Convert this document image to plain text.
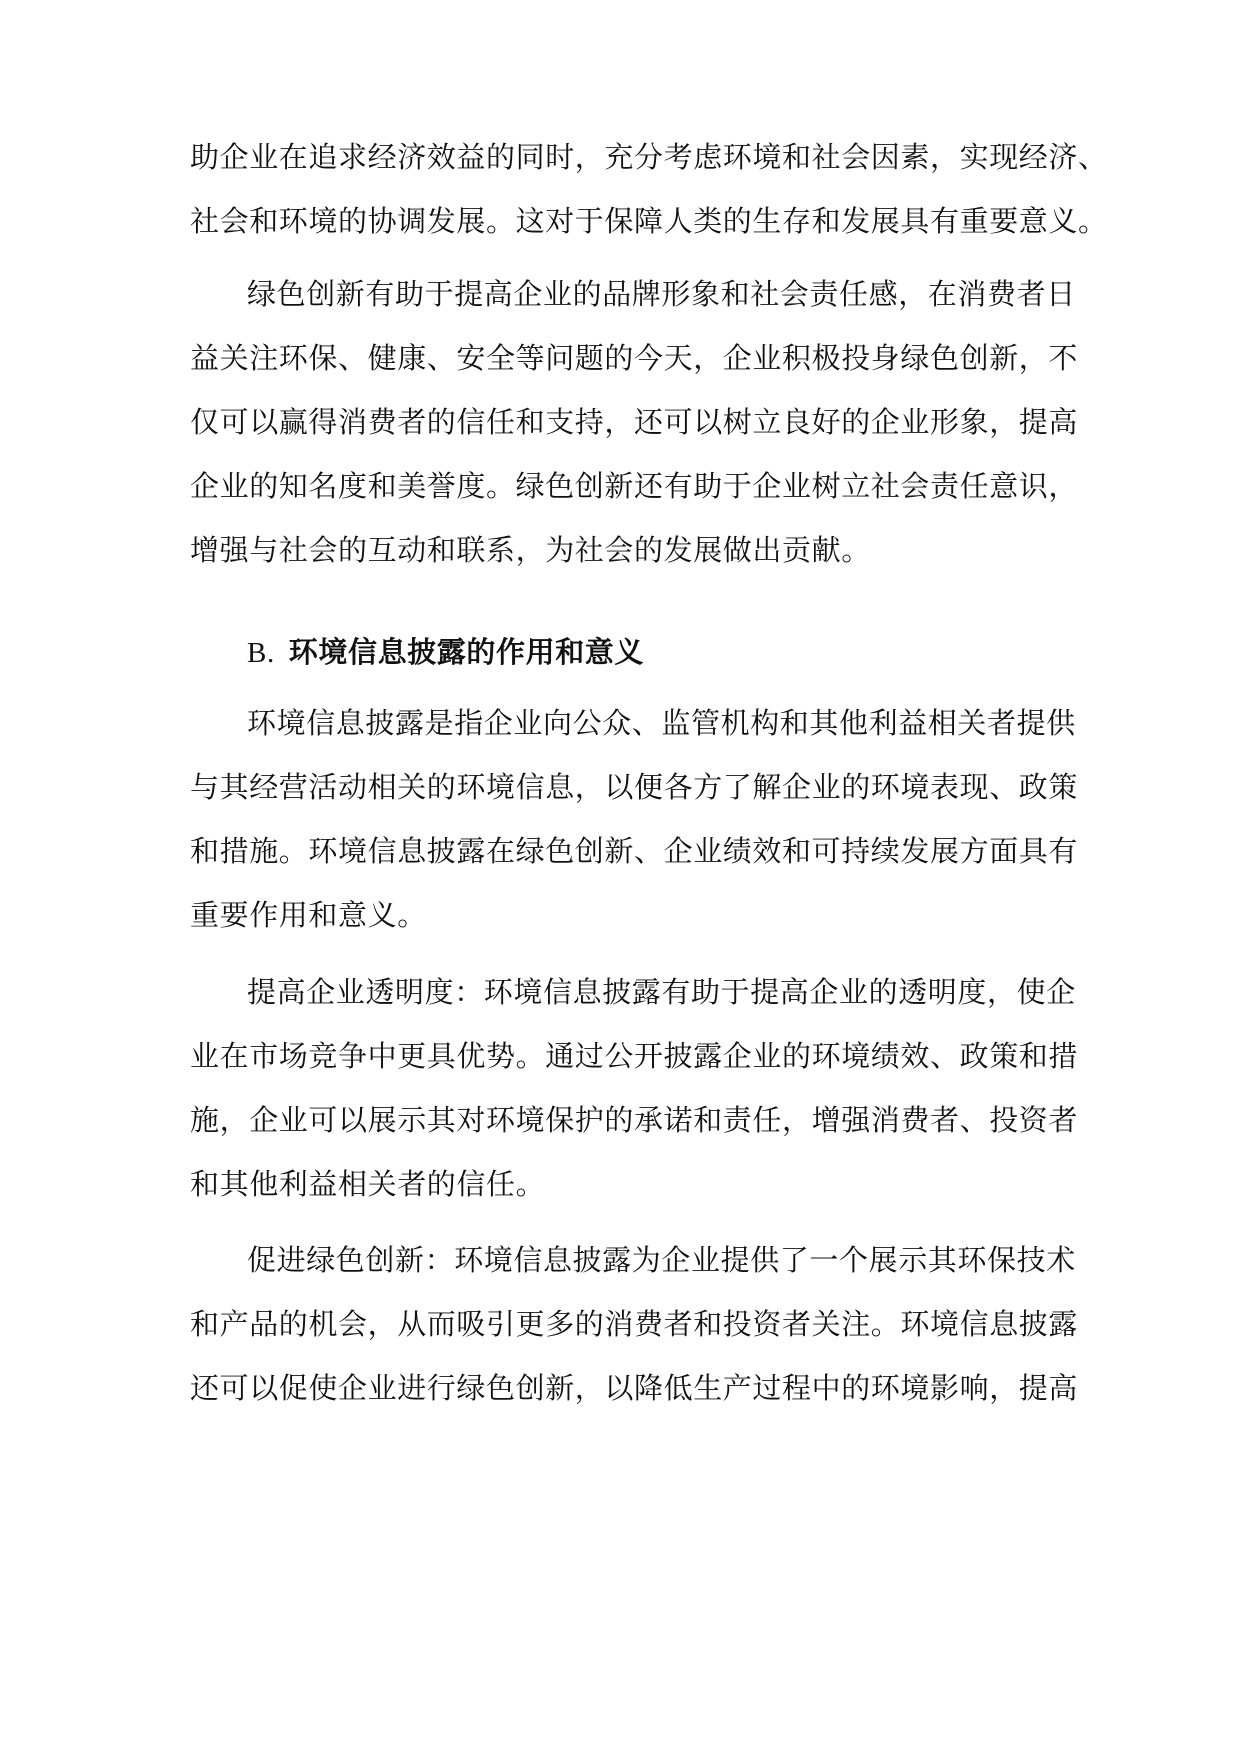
助企业在追求经济效益的同时，充分考虑环境和社会因素，实现经济、
社会和环境的协调发展。这对于保障人类的生存和发展具有重要意义。
绿色创新有助于提高企业的品牌形象和社会责任感，在消费者日
益关注环保、健康、安全等问题的今天，企业积极投身绿色创新，不
仅可以赢得消费者的信任和支持，还可以树立良好的企业形象，提高
企业的知名度和美誉度。绿色创新还有助于企业树立社会责任意识，
增强与社会的互动和联系，为社会的发展做出贡献。
B. 环境信息披露的作用和意义
环境信息披露是指企业向公众、监管机构和其他利益相关者提供
与其经营活动相关的环境信息，以便各方了解企业的环境表现、政策
和措施。环境信息披露在绿色创新、企业绩效和可持续发展方面具有
重要作用和意义。
提高企业透明度：环境信息披露有助于提高企业的透明度，使企
业在市场竞争中更具优势。通过公开披露企业的环境绩效、政策和措
施，企业可以展示其对环境保护的承诺和责任，增强消费者、投资者
和其他利益相关者的信任。
促进绿色创新：环境信息披露为企业提供了一个展示其环保技术
和产品的机会，从而吸引更多的消费者和投资者关注。环境信息披露
还可以促使企业进行绿色创新，以降低生产过程中的环境影响，提高
